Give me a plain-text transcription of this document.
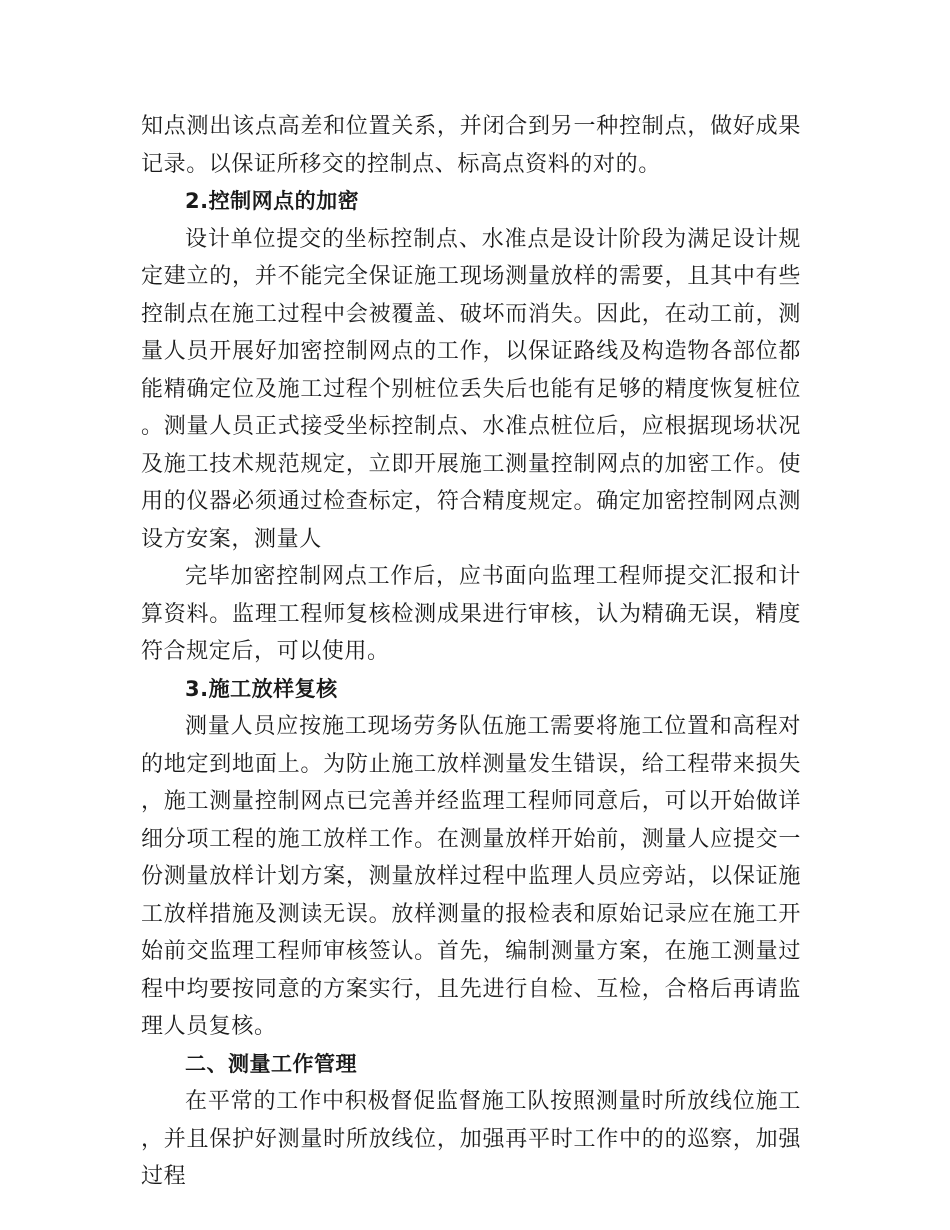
知点测出该点高差和位置关系，并闭合到另一种控制点，做好成果记录。以保证所移交的控制点、标高点资料的对的。

2.控制网点的加密

设计单位提交的坐标控制点、水准点是设计阶段为满足设计规定建立的，并不能完全保证施工现场测量放样的需要，且其中有些控制点在施工过程中会被覆盖、破坏而消失。因此，在动工前，测量人员开展好加密控制网点的工作，以保证路线及构造物各部位都能精确定位及施工过程个别桩位丢失后也能有足够的精度恢复桩位。测量人员正式接受坐标控制点、水准点桩位后，应根据现场状况及施工技术规范规定，立即开展施工测量控制网点的加密工作。使用的仪器必须通过检查标定，符合精度规定。确定加密控制网点测设方安案，测量人

完毕加密控制网点工作后，应书面向监理工程师提交汇报和计算资料。监理工程师复核检测成果进行审核，认为精确无误，精度符合规定后，可以使用。

3.施工放样复核

测量人员应按施工现场劳务队伍施工需要将施工位置和高程对的地定到地面上。为防止施工放样测量发生错误，给工程带来损失，施工测量控制网点已完善并经监理工程师同意后，可以开始做详细分项工程的施工放样工作。在测量放样开始前，测量人应提交一份测量放样计划方案，测量放样过程中监理人员应旁站，以保证施工放样措施及测读无误。放样测量的报检表和原始记录应在施工开始前交监理工程师审核签认。首先，编制测量方案，在施工测量过程中均要按同意的方案实行，且先进行自检、互检，合格后再请监理人员复核。

二、测量工作管理

在平常的工作中积极督促监督施工队按照测量时所放线位施工，并且保护好测量时所放线位，加强再平时工作中的的巡察，加强过程
